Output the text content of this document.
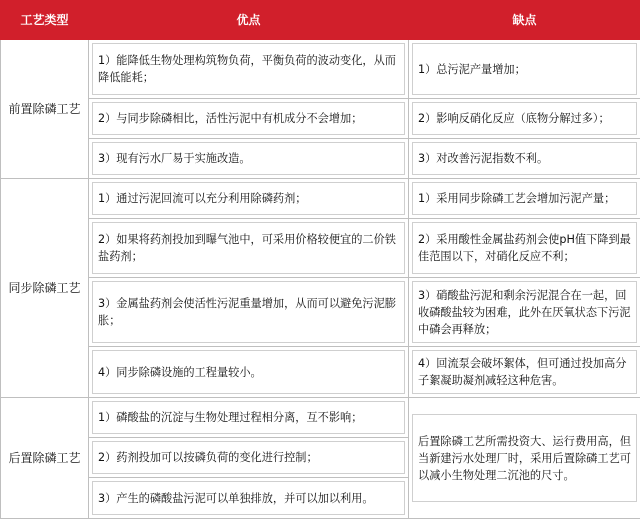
工艺类型	优点	缺点
前置除磷工艺	1）能降低生物处理构筑物负荷，平衡负荷的波动变化，从而降低能耗；	1）总污泥产量增加；

	2）与同步除磷相比，活性污泥中有机成分不会增加；	2）影响反硝化反应（底物分解过多）；

	3）现有污水厂易于实施改造。	3）对改善污泥指数不利。

同步除磷工艺	1）通过污泥回流可以充分利用除磷药剂；	1）采用同步除磷工艺会增加污泥产量；

	2）如果将药剂投加到曝气池中，可采用价格较便宜的二价铁盐药剂；	2）采用酸性金属盐药剂会使pH值下降到最佳范围以下，对硝化反应不利；

	3）金属盐药剂会使活性污泥重量增加，从而可以避免污泥膨胀；	3）硝酸盐污泥和剩余污泥混合在一起，回收磷酸盐较为困难，此外在厌氧状态下污泥中磷会再释放；

	4）同步除磷设施的工程量较小。	4）回流泵会破坏絮体，但可通过投加高分子絮凝助凝剂减轻这种危害。

后置除磷工艺	1）磷酸盐的沉淀与生物处理过程相分离，互不影响；	后置除磷工艺所需投资大、运行费用高，但当新建污水处理厂时，采用后置除磷工艺可以减小生物处理二沉池的尺寸。

	2）药剂投加可以按磷负荷的变化进行控制；	

	3）产生的磷酸盐污泥可以单独排放，并可以加以利用。	
